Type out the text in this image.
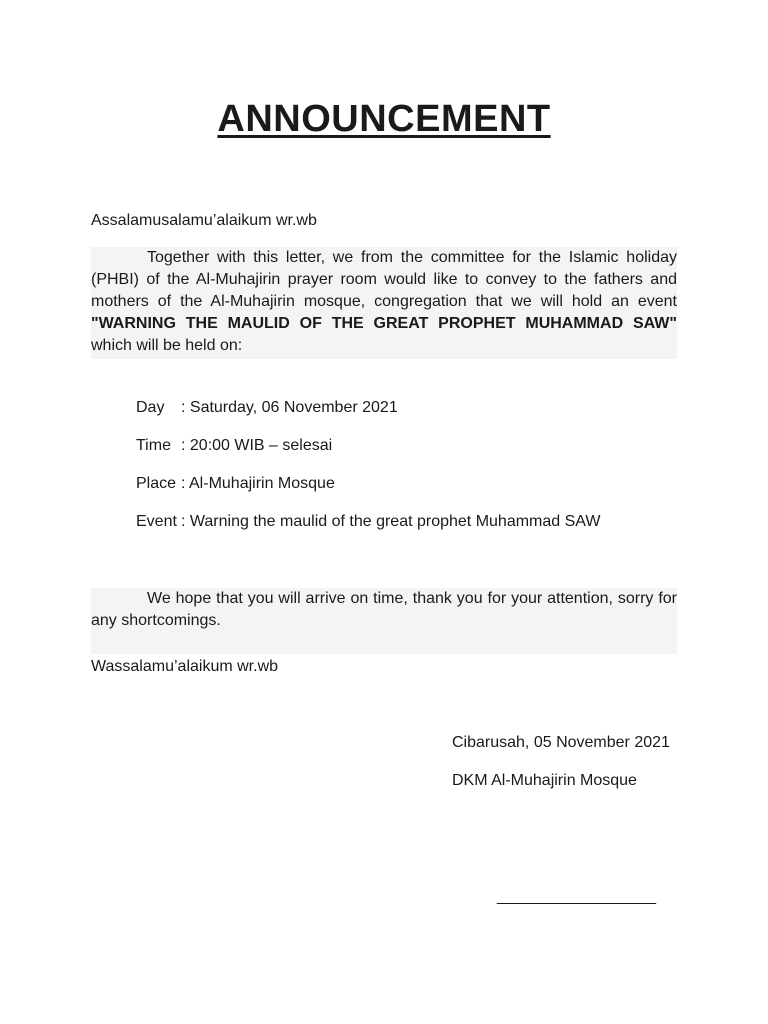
ANNOUNCEMENT

Assalamusalamu’alaikum wr.wb

Together with this letter, we from the committee for the Islamic holiday (PHBI) of the Al-Muhajirin prayer room would like to convey to the fathers and mothers of the Al-Muhajirin mosque, congregation that we will hold an event "WARNING THE MAULID OF THE GREAT PROPHET MUHAMMAD SAW" which will be held on:

Day : Saturday, 06 November 2021
Time : 20:00 WIB – selesai
Place : Al-Muhajirin Mosque
Event : Warning the maulid of the great prophet Muhammad SAW

We hope that you will arrive on time, thank you for your attention, sorry for any shortcomings.

Wassalamu’alaikum wr.wb

Cibarusah, 05 November 2021

DKM Al-Muhajirin Mosque

____________________
